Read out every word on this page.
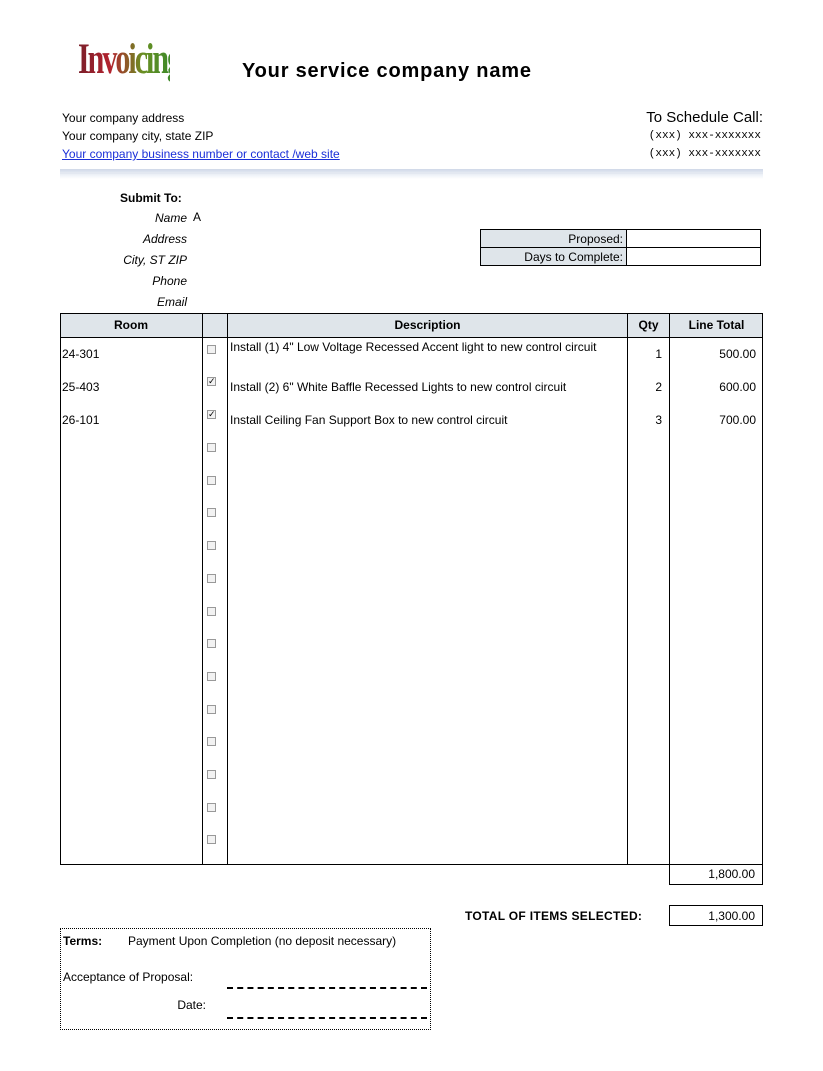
InvoicingForm
Your service company name
Your company address
Your company city, state ZIP
Your company business number or contact /web site
To Schedule Call:
(xxx) xxx-xxxxxxx
(xxx) xxx-xxxxxxx
Submit To:
Name A
Address
City, ST ZIP
Phone
Email
Proposed:	
Days to Complete:	
Room	Description	Qty	Line Total
24-301	Install (1) 4" Low Voltage Recessed Accent light to new control circuit	1	500.00
25-403	✓ Install (2) 6" White Baffle Recessed Lights to new control circuit	2	600.00
26-101	✓ Install Ceiling Fan Support Box to new control circuit	3	700.00
1,800.00
TOTAL OF ITEMS SELECTED:	1,300.00
Terms: Payment Upon Completion (no deposit necessary)
Acceptance of Proposal:
Date:
